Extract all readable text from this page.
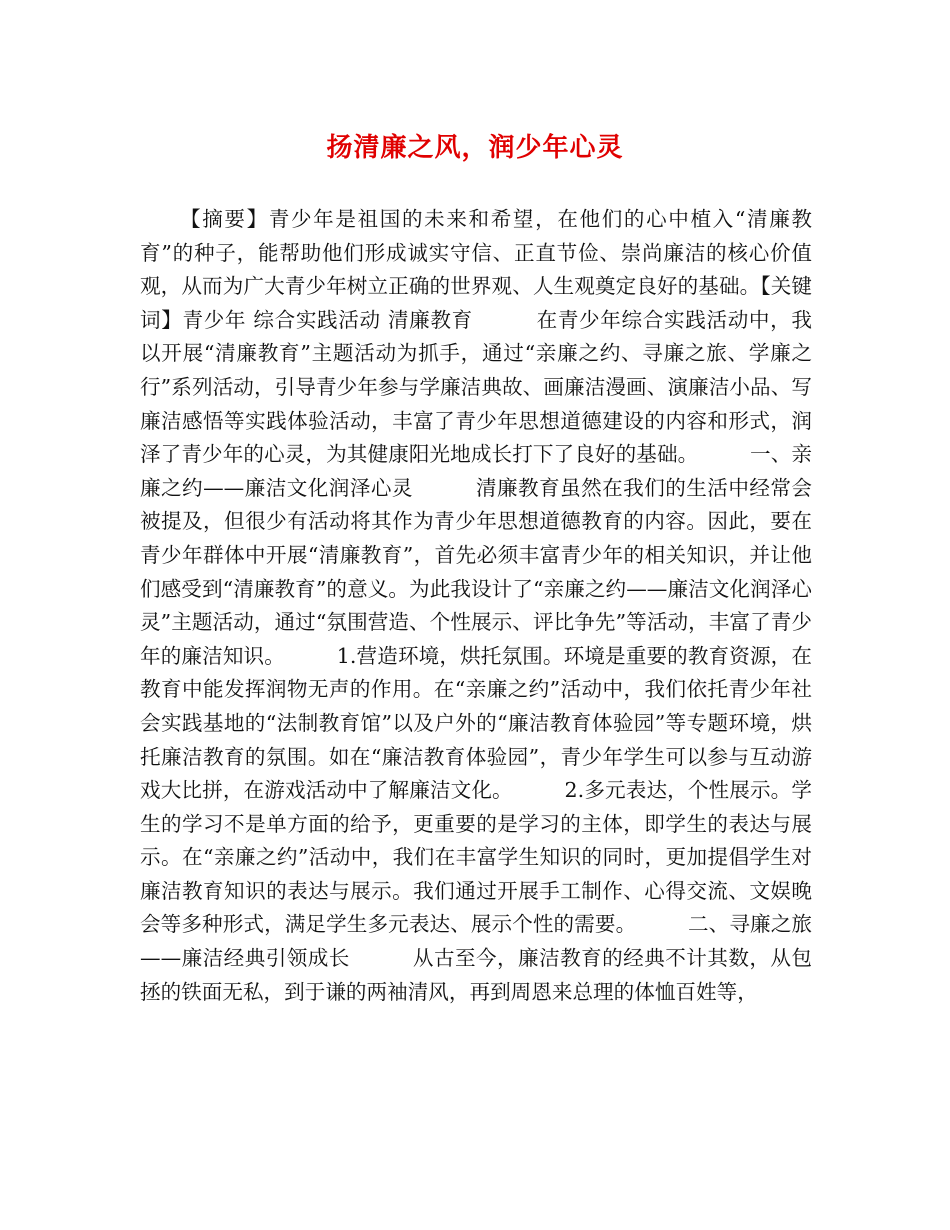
扬清廉之风，润少年心灵

【摘要】青少年是祖国的未来和希望，在他们的心中植入“清廉教育”的种子，能帮助他们形成诚实守信、正直节俭、崇尚廉洁的核心价值观，从而为广大青少年树立正确的世界观、人生观奠定良好的基础。【关键词】青少年 综合实践活动 清廉教育　　　在青少年综合实践活动中，我以开展“清廉教育”主题活动为抓手，通过“亲廉之约、寻廉之旅、学廉之行”系列活动，引导青少年参与学廉洁典故、画廉洁漫画、演廉洁小品、写廉洁感悟等实践体验活动，丰富了青少年思想道德建设的内容和形式，润泽了青少年的心灵，为其健康阳光地成长打下了良好的基础。　　　一、亲廉之约——廉洁文化润泽心灵　　　清廉教育虽然在我们的生活中经常会被提及，但很少有活动将其作为青少年思想道德教育的内容。因此，要在青少年群体中开展“清廉教育”，首先必须丰富青少年的相关知识，并让他们感受到“清廉教育”的意义。为此我设计了“亲廉之约——廉洁文化润泽心灵”主题活动，通过“氛围营造、个性展示、评比争先”等活动，丰富了青少年的廉洁知识。　　　1.营造环境，烘托氛围。环境是重要的教育资源，在教育中能发挥润物无声的作用。在“亲廉之约”活动中，我们依托青少年社会实践基地的“法制教育馆”以及户外的“廉洁教育体验园”等专题环境，烘托廉洁教育的氛围。如在“廉洁教育体验园”，青少年学生可以参与互动游戏大比拼，在游戏活动中了解廉洁文化。　　　2.多元表达，个性展示。学生的学习不是单方面的给予，更重要的是学习的主体，即学生的表达与展示。在“亲廉之约”活动中，我们在丰富学生知识的同时，更加提倡学生对廉洁教育知识的表达与展示。我们通过开展手工制作、心得交流、文娱晚会等多种形式，满足学生多元表达、展示个性的需要。　　　二、寻廉之旅——廉洁经典引领成长　　　从古至今，廉洁教育的经典不计其数，从包拯的铁面无私，到于谦的两袖清风，再到周恩来总理的体恤百姓等，
